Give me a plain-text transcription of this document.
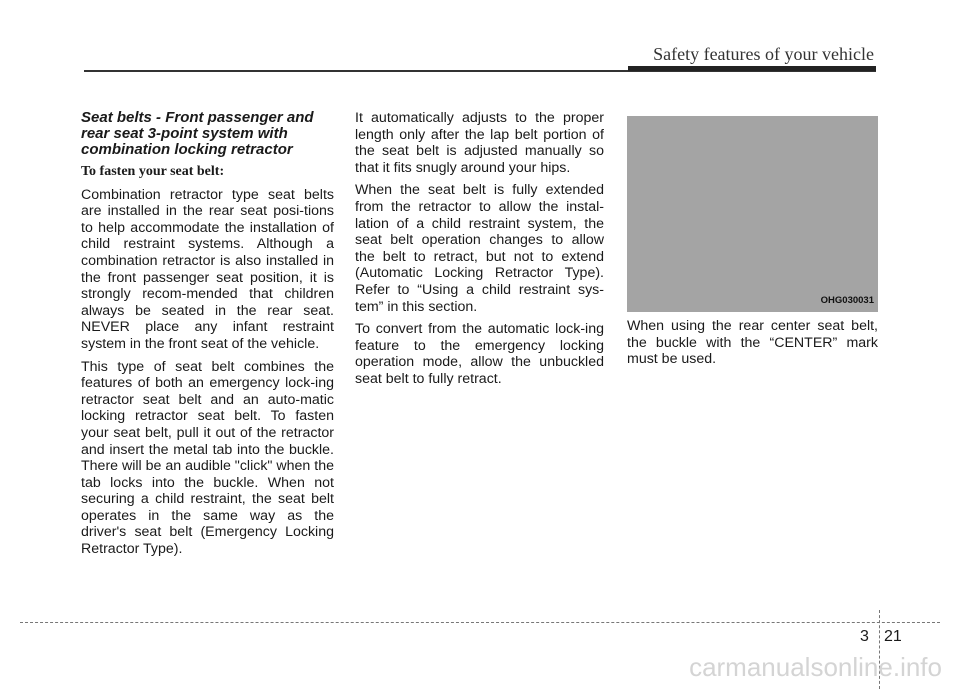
Safety features of your vehicle

Seat belts - Front passenger and rear seat 3-point system with combination locking retractor

To fasten your seat belt:

Combination retractor type seat belts are installed in the rear seat posi-tions to help accommodate the installation of child restraint systems. Although a combination retractor is also installed in the front passenger seat position, it is strongly recom-mended that children always be seated in the rear seat. NEVER place any infant restraint system in the front seat of the vehicle.

This type of seat belt combines the features of both an emergency lock-ing retractor seat belt and an auto-matic locking retractor seat belt. To fasten your seat belt, pull it out of the retractor and insert the metal tab into the buckle. There will be an audible "click" when the tab locks into the buckle. When not securing a child restraint, the seat belt operates in the same way as the driver's seat belt (Emergency Locking Retractor Type).

It automatically adjusts to the proper length only after the lap belt portion of the seat belt is adjusted manually so that it fits snugly around your hips.

When the seat belt is fully extended from the retractor to allow the instal-lation of a child restraint system, the seat belt operation changes to allow the belt to retract, but not to extend (Automatic Locking Retractor Type). Refer to “Using a child restraint sys-tem” in this section.

To convert from the automatic lock-ing feature to the emergency locking operation mode, allow the unbuckled seat belt to fully retract.

OHG030031

When using the rear center seat belt, the buckle with the “CENTER” mark must be used.

3 21
carmanualsonline.info
